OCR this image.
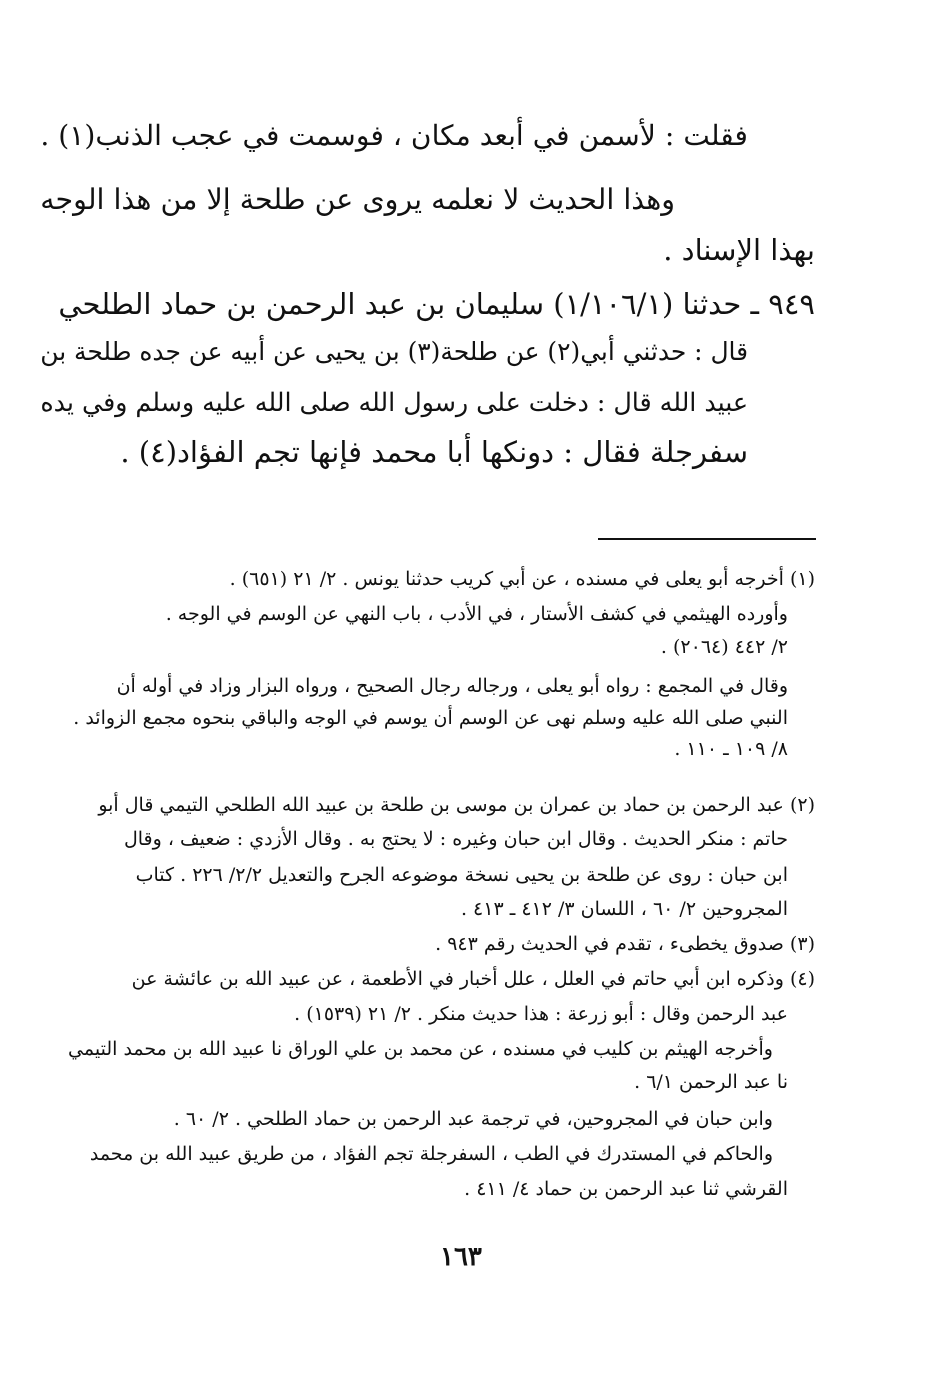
فقلت : لأسمن في أبعد مكان ، فوسمت في عجب الذنب(١) .
وهذا الحديث لا نعلمه يروى عن طلحة إلا من هذا الوجه
بهذا الإسناد .
٩٤٩ ـ حدثنا (١/١٠٦/١) سليمان بن عبد الرحمن بن حماد الطلحي
قال : حدثني أبي(٢) عن طلحة(٣) بن يحيى عن أبيه عن جده طلحة بن
عبيد الله قال : دخلت على رسول الله صلى الله عليه وسلم وفي يده
سفرجلة فقال : دونكها أبا محمد فإنها تجم الفؤاد(٤) .
(١) أخرجه أبو يعلى في مسنده ، عن أبي كريب حدثنا يونس . ٢/ ٢١ (٦٥١) .
وأورده الهيثمي في كشف الأستار ، في الأدب ، باب النهي عن الوسم في الوجه .
٢/ ٤٤٢ (٢٠٦٤) .
وقال في المجمع : رواه أبو يعلى ، ورجاله رجال الصحيح ، ورواه البزار وزاد في أوله أن
النبي صلى الله عليه وسلم نهى عن الوسم أن يوسم في الوجه والباقي بنحوه مجمع الزوائد .
٨/ ١٠٩ ـ ١١٠ .
(٢) عبد الرحمن بن حماد بن عمران بن موسى بن طلحة بن عبيد الله الطلحي التيمي قال أبو
حاتم : منكر الحديث . وقال ابن حبان وغيره : لا يحتج به . وقال الأزدي : ضعيف ، وقال
ابن حبان : روى عن طلحة بن يحيى نسخة موضوعه الجرح والتعديل ٢/٢/ ٢٢٦ . كتاب
المجروحين ٢/ ٦٠ ، اللسان ٣/ ٤١٢ ـ ٤١٣ .
(٣) صدوق يخطىء ، تقدم في الحديث رقم ٩٤٣ .
(٤) وذكره ابن أبي حاتم في العلل ، علل أخبار في الأطعمة ، عن عبيد الله بن عائشة عن
عبد الرحمن وقال : أبو زرعة : هذا حديث منكر . ٢/ ٢١ (١٥٣٩) .
وأخرجه الهيثم بن كليب في مسنده ، عن محمد بن علي الوراق نا عبيد الله بن محمد التيمي
نا عبد الرحمن ٦/١ .
وابن حبان في المجروحين، في ترجمة عبد الرحمن بن حماد الطلحي . ٢/ ٦٠ .
والحاكم في المستدرك في الطب ، السفرجلة تجم الفؤاد ، من طريق عبيد الله بن محمد
القرشي ثنا عبد الرحمن بن حماد ٤/ ٤١١ .
١٦٣
